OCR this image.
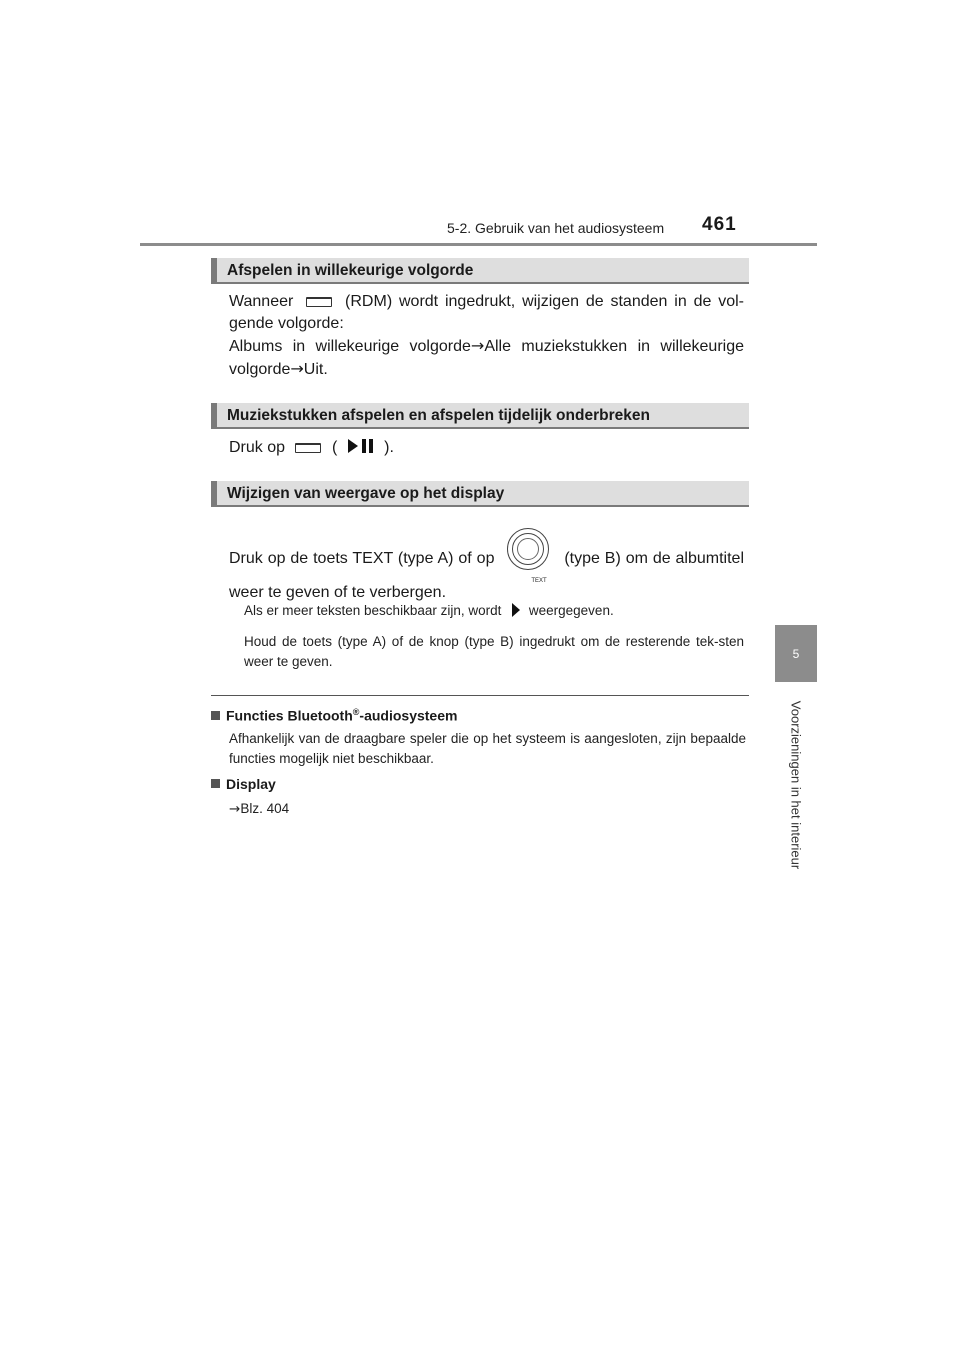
5-2. Gebruik van het audiosysteem 461
5
Voorzieningen in het interieur
Afspelen in willekeurige volgorde
Wanneer	(RDM) wordt ingedrukt, wijzigen de standen in de vol-gende volgorde:
Albums in willekeurige volgorde→Alle muziekstukken in willekeurige volgorde→Uit.
Muziekstukken afspelen en afspelen tijdelijk onderbreken
Druk op	(	).
Wijzigen van weergave op het display
Druk op de toets TEXT (type A) of op
TEXT
(type B) om de albumtitel weer te geven of te verbergen.
Als er meer teksten beschikbaar zijn, wordt weergegeven.
Houd de toets (type A) of de knop (type B) ingedrukt om de resterende tek-sten weer te geven.
Functies Bluetooth®-audiosysteem
Afhankelijk van de draagbare speler die op het systeem is aangesloten, zijn bepaalde functies mogelijk niet beschikbaar.
Display
→Blz. 404
